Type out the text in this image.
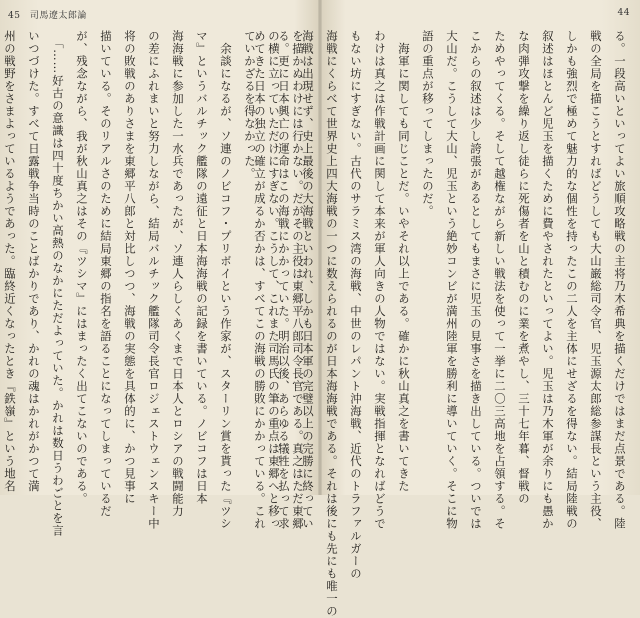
45 司馬遼太郎論
を描かぬわけには行かない。だがその主役は東郷平八郎司令長官である。真之はただ東郷
の横に立っていただけにすぎない。こうして、これまた司馬氏の筆の重点は東郷へと移っ
ていかざるを得なかった。
　余談になるが、ソ連のノビコフ・プリボイという作家が、スターリン賞を貰った『ツシ
マ』というバルチック艦隊の遠征と日本海海戦の記録を書いている。ノビコフは日本
海海戦に参加した一水兵であったが、ソ連人らしくあくまで日本人とロシアの戦闘能力
の差にふれまいと努力しながら、結局バルチック艦隊司令長官ロジェストウェンスキー中
将の敗戦のありさまを東郷平八郎と対比しつつ、海戦の実態を具体的に、かつ見事に
描いている。そのリアルさのために結局東郷の指名を語ることになってしまっているだ
が、残念ながら、我が秋山真之はその『ツシマ』にはまったく出てこないのである。
　「……好古の意識は四十度ちかい高熱のなかにただよっていた。かれは数日うわごとを言
いつづけた。すべて日露戦争当時のことばかりであり、かれの魂はかれがかつて満
州の戦野をさまよっているようであった。臨終近くなったとき『鉄嶺』という地名
44
る。一段高いといってよい旅順攻略戦の主将乃木希典を描くだけではまだ点景である。陸
戦の全局を描こうとすればどうしても大山巌総司令官、児玉源太郎総参謀長という主役、
しかも強烈で極めて魅力的な個性を持ったこの二人を主体にせざるを得ない。結局陸戦の
叙述はほとんど児玉を描くために費やされたといってよい。児玉は乃木軍が余りにも愚か
な肉弾攻撃を繰り返し徒らに死傷者を山と積むのに業を煮やし、三十七年暮、督戦の
ためやってくる。そして越権ながら新しい戦法を使って一挙に二〇三高地を占領する。そ
こからの叙述は少し誇張があるとしてもまさに児玉の見事さを描き出している。ついでは
大山だ。こうして大山、児玉という絶妙コンビが満州陸軍を勝利に導いていく。そこに物
語の重点が移ってしまったのだ。
　海軍に関しても同じことだ。いやそれ以上である。確かに秋山真之を書いてきた
わけは真之は作戦計画に関して本来が軍人向きの人物ではない。実戦指揮となればどうで
もない坊にすぎない。古代のサラミス湾の海戦、中世のレパント沖海戦、近代のトラファルガーの
海戦にくらべて世界史上四大海戦の一つに数えられるのが日本海海戦である。それは後にも先にも唯一の
海戦は出現せず、史上最後の大海戦といわれ、しかも日本軍の完璧以上の完勝に終ってい
る。更に日本興亡の運命はこの海戦にかかっていた。明治以後、あらゆる犠牲を払って求
めてきた日本の独立の確立が成るか否かは、すべてこの海戦の勝敗にかかっている。これ
